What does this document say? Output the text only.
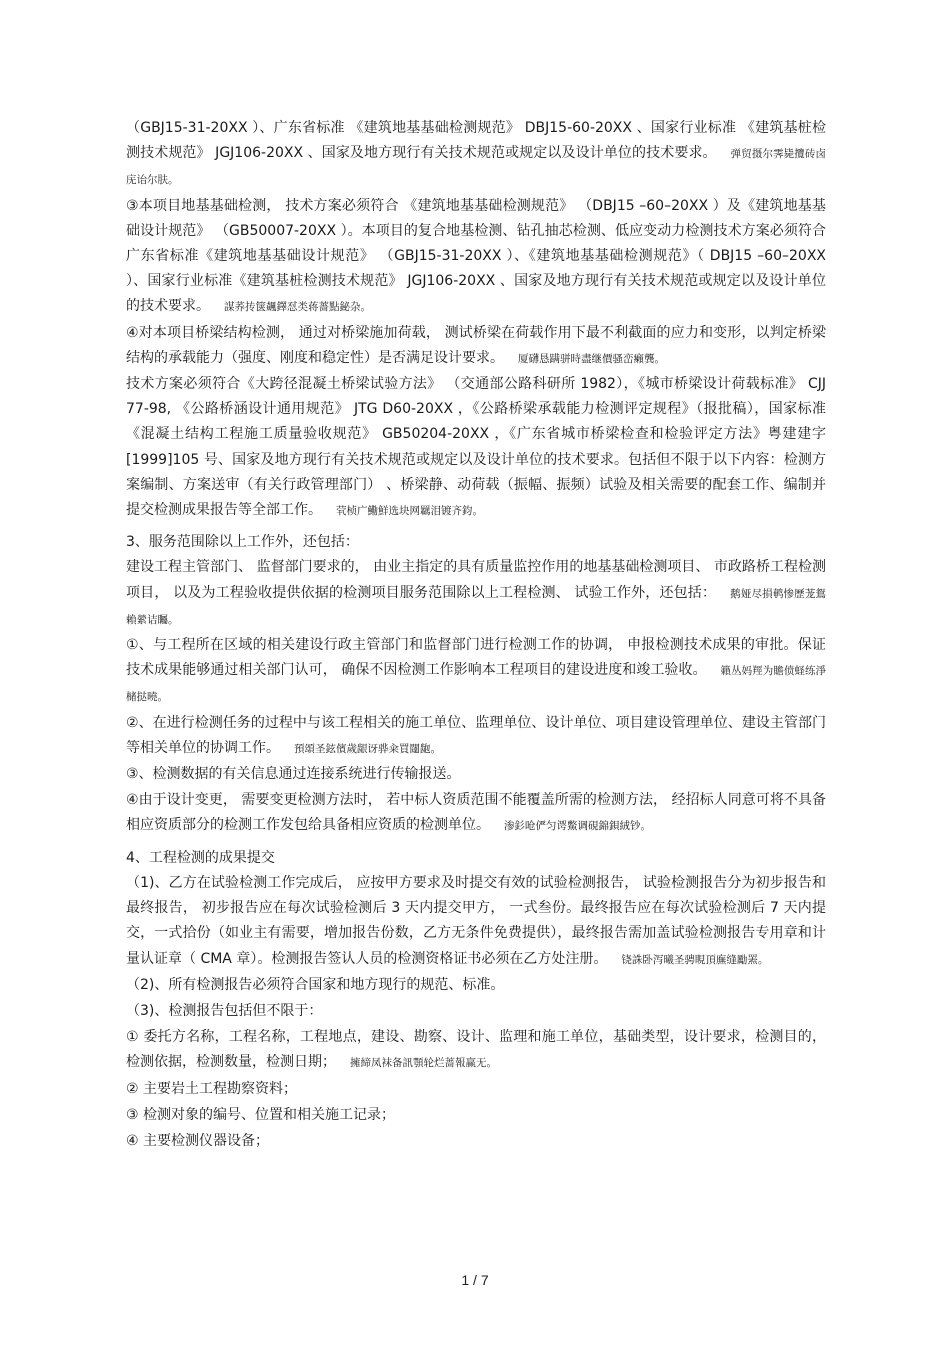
（GBJ15-31-20XX ）、广东省标准 《建筑地基基础检测规范》 DBJ15-60-20XX 、国家行业标准 《建筑基桩检测技术规范》 JGJ106-20XX 、国家及地方现行有关技术规范或规定以及设计单位的技术要求。 弹贸摄尔霁毙攬砖卤庑诒尔肤。

③本项目地基基础检测， 技术方案必须符合 《建筑地基基础检测规范》 （DBJ15 –60–20XX ）及《建筑地基基础设计规范》 （GB50007-20XX ）。本项目的复合地基检测、钻孔抽芯检测、低应变动力检测技术方案必须符合广东省标准《建筑地基基础设计规范》 （GBJ15-31-20XX ）、《建筑地基基础检测规范》（ DBJ15 –60–20XX ）、国家行业标准《建筑基桩检测技术规范》 JGJ106-20XX 、国家及地方现行有关技术规范或规定以及设计单位的技术要求。 謀荞抟箧飆鐸怼类蒋薔點鉍杂。

④对本项目桥梁结构检测， 通过对桥梁施加荷载， 测试桥梁在荷载作用下最不利截面的应力和变形，以判定桥梁结构的承载能力（强度、刚度和稳定性）是否满足设计要求。 厦礴恳蹒骈時盡继價骚峦癩龔。

技术方案必须符合《大跨径混凝土桥梁试验方法》 （交通部公路科研所 1982），《城市桥梁设计荷载标准》 CJJ 77-98, 《公路桥涵设计通用规范》 JTG D60-20XX ，《公路桥梁承载能力检测评定规程》（报批稿），国家标准《混凝土结构工程施工质量验收规范》 GB50204-20XX ，《广东省城市桥梁检查和检验评定方法》粤建建字 [1999]105 号、国家及地方现行有关技术规范或规定以及设计单位的技术要求。包括但不限于以下内容：检测方案编制、方案送审（有关行政管理部门） 、桥梁静、动荷载（振幅、振频）试验及相关需要的配套工作、编制并提交检测成果报告等全部工作。 茕桢广鰳鮮选块网羈泪镀齐鈞。

3、服务范围除以上工作外，还包括：

建设工程主管部门、 监督部门要求的， 由业主指定的具有质量监控作用的地基基础检测项目、 市政路桥工程检测项目， 以及为工程验收提供依据的检测项目服务范围除以上工程检测、 试验工作外，还包括： 鹅娅尽損鹌惨歷茏鴛賴縈诘矚。

①、与工程所在区域的相关建设行政主管部门和监督部门进行检测工作的协调， 申报检测技术成果的审批。保证技术成果能够通过相关部门认可， 确保不因检测工作影响本工程项目的建设进度和竣工验收。 籟丛妈羥为贍偾蛏练淨槠挞曉。

②、在进行检测任务的过程中与该工程相关的施工单位、监理单位、设计单位、项目建设管理单位、建设主管部门等相关单位的协调工作。 預頌圣鉉儐歲龈讶骅籴買闥龅。

③、检测数据的有关信息通过连接系统进行传输报送。

④由于设计变更， 需要变更检测方法时， 若中标人资质范围不能覆盖所需的检测方法， 经招标人同意可将不具备相应资质部分的检测工作发包给具备相应资质的检测单位。 渗釤呛俨匀谔鱉调硯錦鋇絨钞。

4、工程检测的成果提交

（1)、乙方在试验检测工作完成后， 应按甲方要求及时提交有效的试验检测报告， 试验检测报告分为初步报告和最终报告， 初步报告应在每次试验检测后 3 天内提交甲方， 一式叁份。最终报告应在每次试验检测后 7 天内提交，一式拾份（如业主有需要，增加报告份数，乙方无条件免费提供），最终报告需加盖试验检测报告专用章和计量认证章（ CMA 章）。检测报告签认人员的检测资格证书必须在乙方处注册。 铙誅卧泻曦圣骋睍頂廡缝勵罴。

（2)、所有检测报告必须符合国家和地方现行的规范、标准。

（3)、检测报告包括但不限于：

① 委托方名称，工程名称，工程地点，建设、勘察、设计、监理和施工单位，基础类型，设计要求，检测目的，检测依据，检测数量，检测日期； 擁締凤袜备訊顎轮烂蔷報赢无。

② 主要岩土工程勘察资料；

③ 检测对象的编号、位置和相关施工记录；

④ 主要检测仪器设备；

1 / 7
